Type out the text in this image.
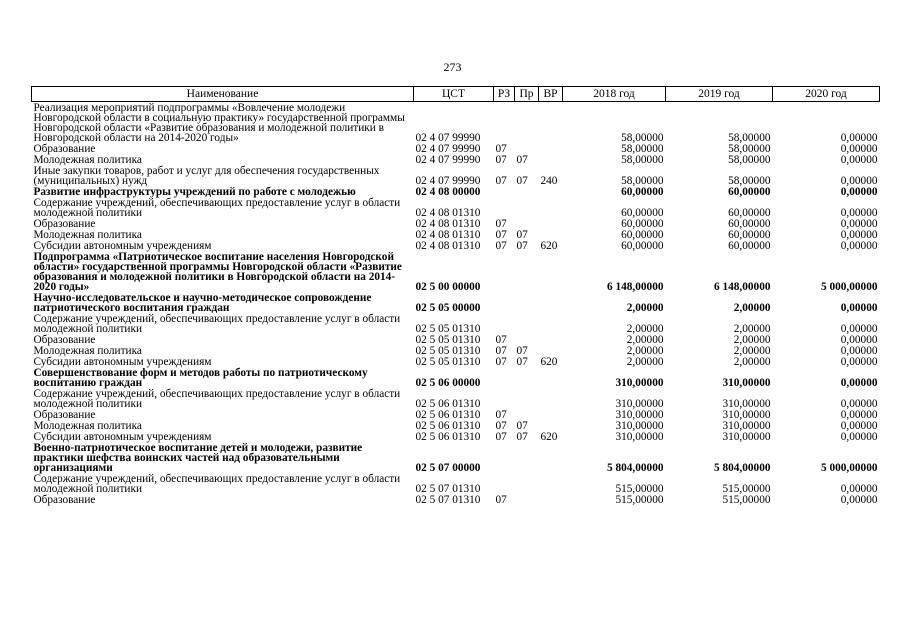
273
Наименование	ЦСТ	РЗ	Пр	ВР	2018 год	2019 год	2020 год
Реализация мероприятий подпрограммы «Вовлечение молодежи Новгородской области в социальную практику» государственной программы Новгородской области «Развитие образования и молодежной политики в Новгородской области на 2014-2020 годы»	02 4 07 99990				58,00000	58,00000	0,00000
Образование	02 4 07 99990	07			58,00000	58,00000	0,00000
Молодежная политика	02 4 07 99990	07	07		58,00000	58,00000	0,00000
Иные закупки товаров, работ и услуг для обеспечения государственных (муниципальных) нужд	02 4 07 99990	07	07	240	58,00000	58,00000	0,00000
Развитие инфраструктуры учреждений по работе с молодежью	02 4 08 00000				60,00000	60,00000	0,00000
Содержание учреждений, обеспечивающих предоставление услуг в области молодежной политики	02 4 08 01310				60,00000	60,00000	0,00000
Образование	02 4 08 01310	07			60,00000	60,00000	0,00000
Молодежная политика	02 4 08 01310	07	07		60,00000	60,00000	0,00000
Субсидии автономным учреждениям	02 4 08 01310	07	07	620	60,00000	60,00000	0,00000
Подпрограмма «Патриотическое воспитание населения Новгородской области» государственной программы Новгородской области «Развитие образования и молодежной политики в Новгородской области на 2014-2020 годы»	02 5 00 00000				6 148,00000	6 148,00000	5 000,00000
Научно-исследовательское и научно-методическое сопровождение патриотического воспитания граждан	02 5 05 00000				2,00000	2,00000	0,00000
Содержание учреждений, обеспечивающих предоставление услуг в области молодежной политики	02 5 05 01310				2,00000	2,00000	0,00000
Образование	02 5 05 01310	07			2,00000	2,00000	0,00000
Молодежная политика	02 5 05 01310	07	07		2,00000	2,00000	0,00000
Субсидии автономным учреждениям	02 5 05 01310	07	07	620	2,00000	2,00000	0,00000
Совершенствование форм и методов работы по патриотическому воспитанию граждан	02 5 06 00000				310,00000	310,00000	0,00000
Содержание учреждений, обеспечивающих предоставление услуг в области молодежной политики	02 5 06 01310				310,00000	310,00000	0,00000
Образование	02 5 06 01310	07			310,00000	310,00000	0,00000
Молодежная политика	02 5 06 01310	07	07		310,00000	310,00000	0,00000
Субсидии автономным учреждениям	02 5 06 01310	07	07	620	310,00000	310,00000	0,00000
Военно-патриотическое воспитание детей и молодежи, развитие практики шефства воинских частей над образовательными организациями	02 5 07 00000				5 804,00000	5 804,00000	5 000,00000
Содержание учреждений, обеспечивающих предоставление услуг в области молодежной политики	02 5 07 01310				515,00000	515,00000	0,00000
Образование	02 5 07 01310	07			515,00000	515,00000	0,00000
